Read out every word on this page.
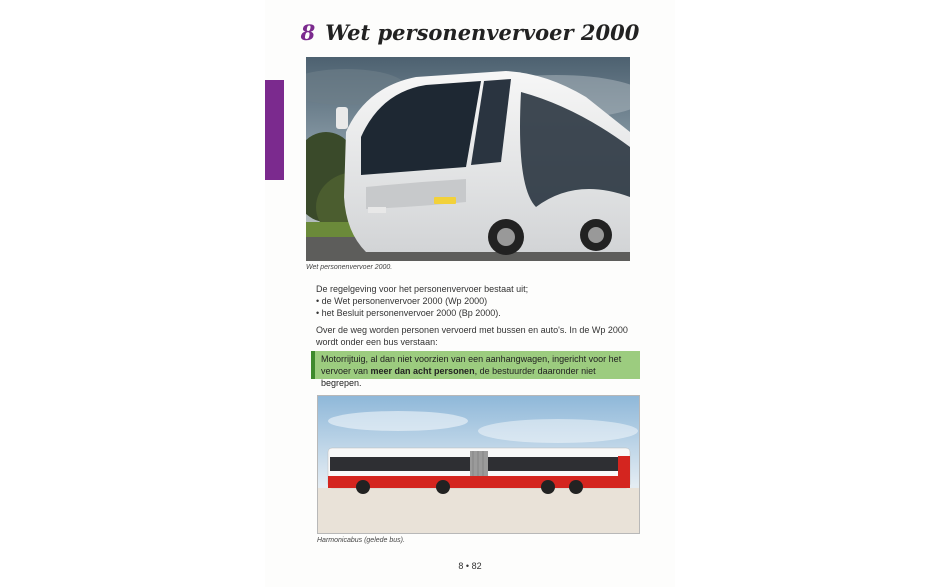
8 Wet personenvervoer 2000
Wet personenvervoer 2000.
De regelgeving voor het personenvervoer bestaat uit;
• de Wet personenvervoer 2000 (Wp 2000)
• het Besluit personenvervoer 2000 (Bp 2000).
Over de weg worden personen vervoerd met bussen en auto's. In de Wp 2000 wordt onder een bus verstaan:
Motorrijtuig, al dan niet voorzien van een aanhangwagen, ingericht voor het vervoer van meer dan acht personen, de bestuurder daaronder niet begrepen.
Harmonicabus (gelede bus).
8 • 82
